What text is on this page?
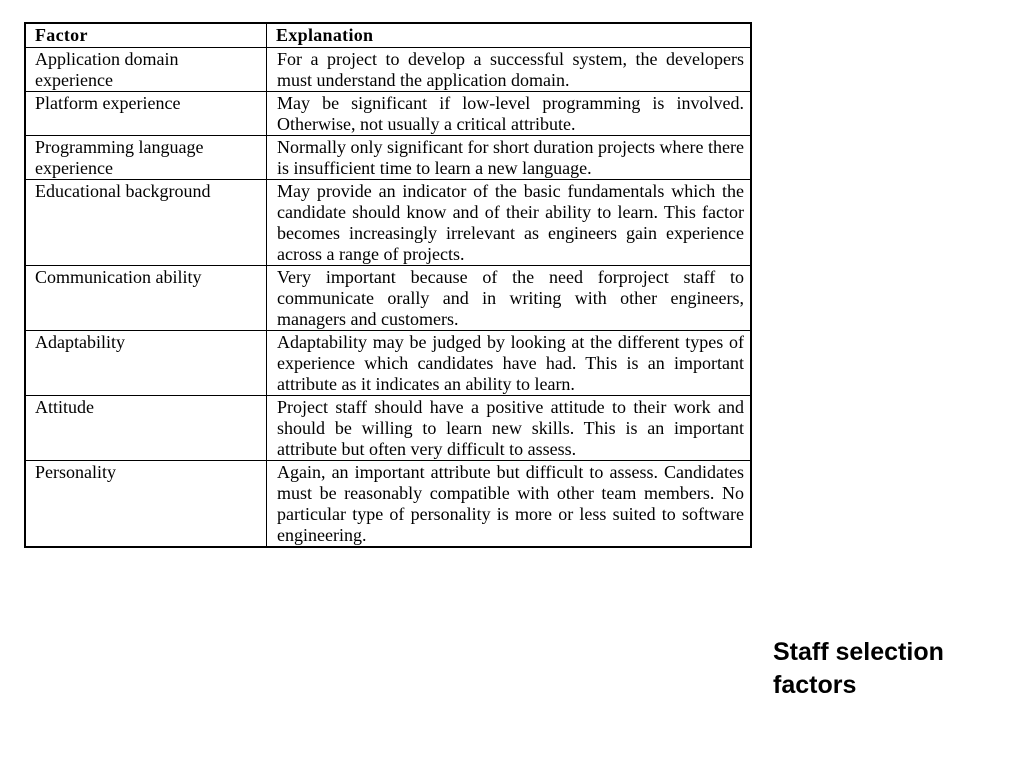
Factor	Explanation
Application domain experience	For a project to develop a successful system, the developers must understand the application domain.
Platform experience	May be significant if low-level programming is involved. Otherwise, not usually a critical attribute.
Programming language experience	Normally only significant for short duration projects where there is insufficient time to learn a new language.
Educational background	May provide an indicator of the basic fundamentals which the candidate should know and of their ability to learn. This factor becomes increasingly irrelevant as engineers gain experience across a range of projects.
Communication ability	Very important because of the need forproject staff to communicate orally and in writing with other engineers, managers and customers.
Adaptability	Adaptability may be judged by looking at the different types of experience which candidates have had. This is an important attribute as it indicates an ability to learn.
Attitude	Project staff should have a positive attitude to their work and should be willing to learn new skills. This is an important attribute but often very difficult to assess.
Personality	Again, an important attribute but difficult to assess. Candidates must be reasonably compatible with other team members. No particular type of personality is more or less suited to software engineering.
Staff selection factors
